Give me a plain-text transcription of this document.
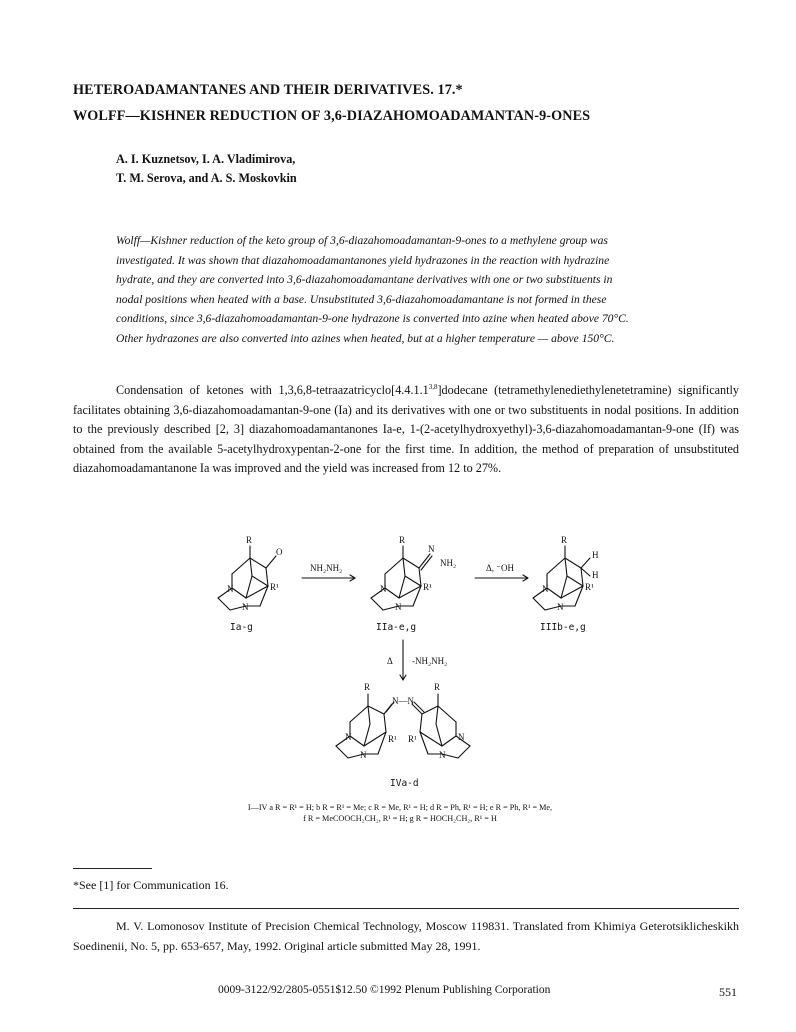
HETEROADAMANTANES AND THEIR DERIVATIVES. 17.*
WOLFF—KISHNER REDUCTION OF 3,6-DIAZAHOMOADAMANTAN-9-ONES
A. I. Kuznetsov, I. A. Vladimirova,
T. M. Serova, and A. S. Moskovkin
Wolff—Kishner reduction of the keto group of 3,6-diazahomoadamantan-9-ones to a methylene group was
investigated. It was shown that diazahomoadamantanones yield hydrazones in the reaction with hydrazine
hydrate, and they are converted into 3,6-diazahomoadamantane derivatives with one or two substituents in
nodal positions when heated with a base. Unsubstituted 3,6-diazahomoadamantane is not formed in these
conditions, since 3,6-diazahomoadamantan-9-one hydrazone is converted into azine when heated above 70°C.
Other hydrazones are also converted into azines when heated, but at a higher temperature — above 150°C.

Condensation of ketones with 1,3,6,8-tetraazatricyclo[4.4.1.1$^{3,8}$]dodecane (tetramethylenediethylenetetramine) significantly facilitates obtaining 3,6-diazahomoadamantan-9-one (Ia) and its derivatives with one or two substituents in nodal positions. In addition to the previously described [2, 3] diazahomoadamantanones Ia-e, 1-(2-acetylhydroxyethyl)-3,6-diazahomoadamantan-9-one (If) was obtained from the available 5-acetylhydroxypentan-2-one for the first time. In addition, the method of preparation of unsubstituted diazahomoadamantanone Ia was improved and the yield was increased from 12 to 27%.

R
O
R¹
N
N
R
N
NH₂
R¹
N
N
R
H
H
R¹
N
N
R	R
N—N
R¹ R¹
N	N
N	N
NH₂NH₂	Δ, ⁻OH
Δ -NH₂NH₂
Ia-g	IIa-e,g	IIIb-e,g
IVa-d
I—IV a R = R¹ = H; b R = R¹ = Me; c R = Me, R¹ = H; d R = Ph, R¹ = H; e R = Ph, R¹ = Me,
f R = MeCOOCH₂CH₂, R¹ = H; g R = HOCH₂CH₂, R¹ = H
*See [1] for Communication 16.

M. V. Lomonosov Institute of Precision Chemical Technology, Moscow 119831. Translated from Khimiya Geterotsiklicheskikh Soedinenii, No. 5, pp. 653-657, May, 1992. Original article submitted May 28, 1991.

0009-3122/92/2805-0551$12.50 ©1992 Plenum Publishing Corporation	551
